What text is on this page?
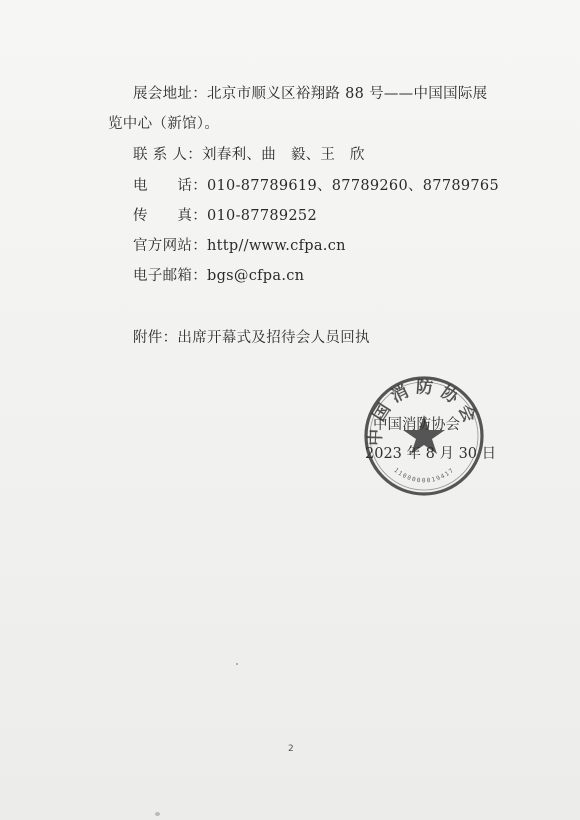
展会地址：北京市顺义区裕翔路 88 号——中国国际展
览中心（新馆）。
联 系 人：刘春利、曲　毅、王　欣
电　　话：010-87789619、87789260、87789765
传　　真：010-87789252
官方网站：http//www.cfpa.cn
电子邮箱：bgs@cfpa.cn
附件：出席开幕式及招待会人员回执
中国消防协会
1100000019417
中国消防协会
2023 年 8 月 30 日
2
